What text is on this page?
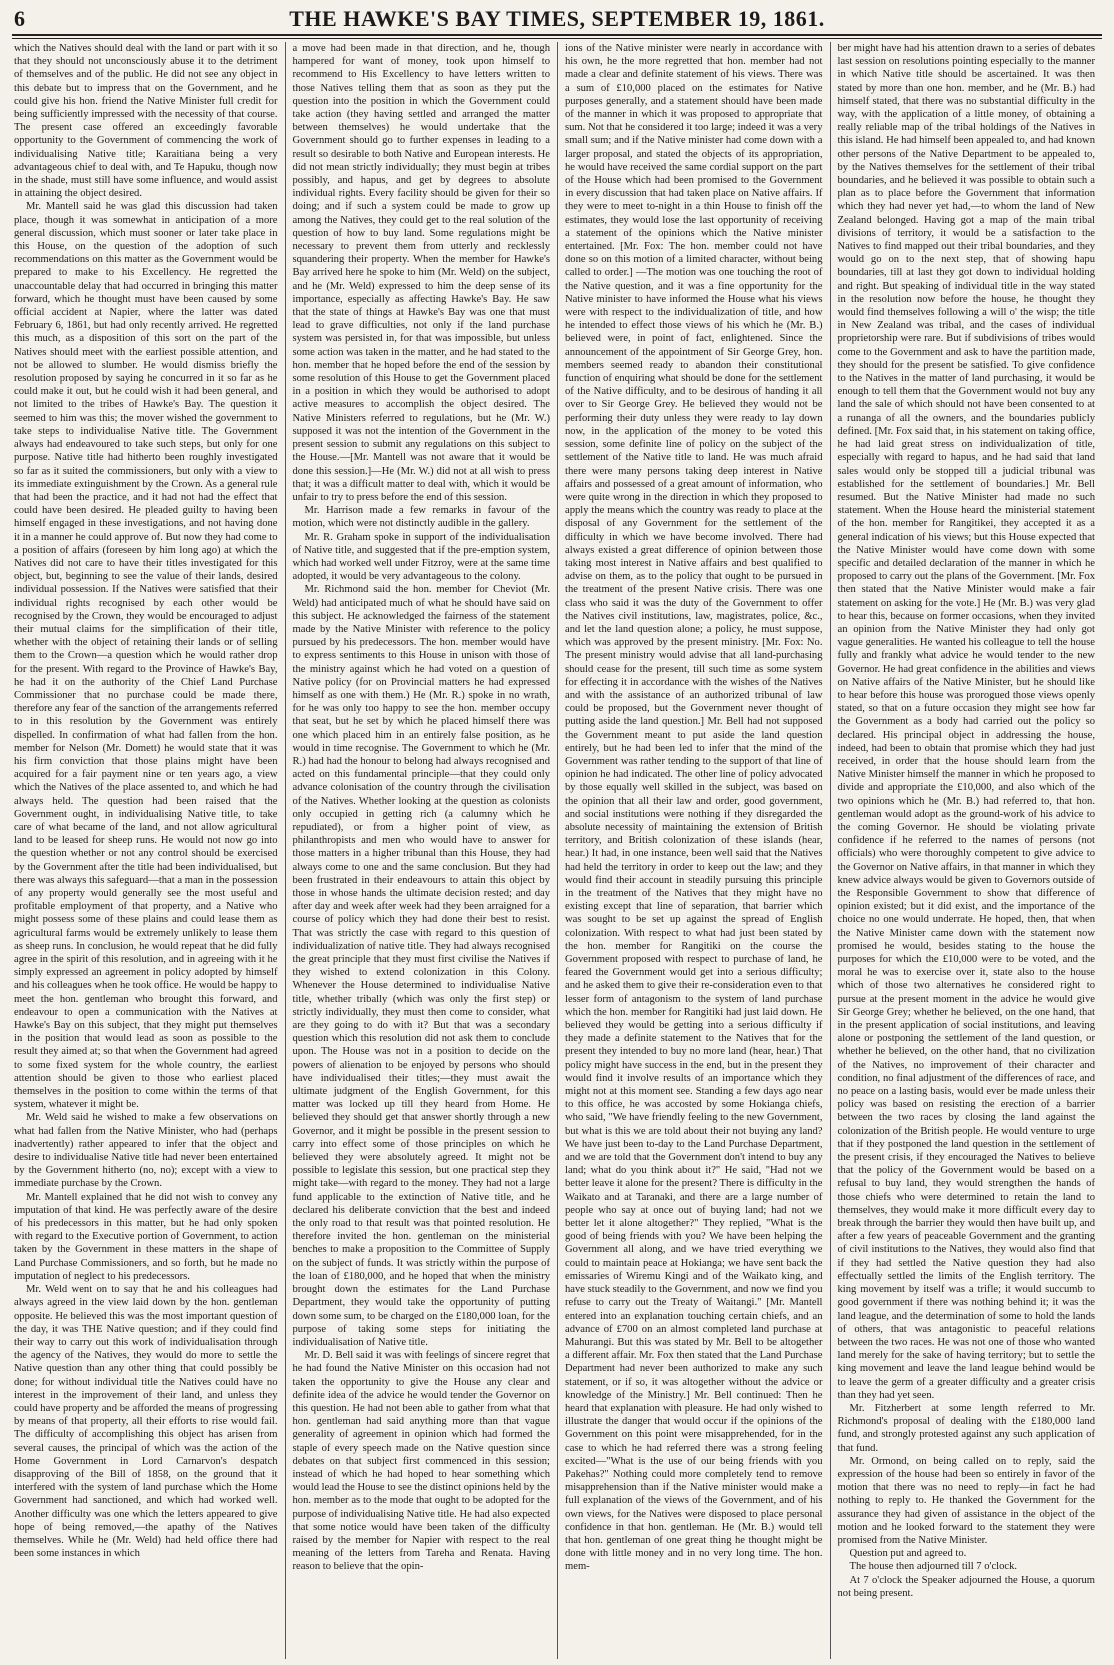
6	THE HAWKE'S BAY TIMES, SEPTEMBER 19, 1861.

which the Natives should deal with the land or part with it so that they should not unconsciously abuse it to the detriment of themselves and of the public. He did not see any object in this debate but to impress that on the Government, and he could give his hon. friend the Native Minister full credit for being sufficiently impressed with the necessity of that course. The present case offered an exceedingly favorable opportunity to the Government of commencing the work of individualising Native title; Karaitiana being a very advantageous chief to deal with, and Te Hapuku, though now in the shade, must still have some influence, and would assist in attaining the object desired.

Mr. Mantell said he was glad this discussion had taken place, though it was somewhat in anticipation of a more general discussion, which must sooner or later take place in this House, on the question of the adoption of such recommendations on this matter as the Government would be prepared to make to his Excellency. He regretted the unaccountable delay that had occurred in bringing this matter forward, which he thought must have been caused by some official accident at Napier, where the latter was dated February 6, 1861, but had only recently arrived. He regretted this much, as a disposition of this sort on the part of the Natives should meet with the earliest possible attention, and not be allowed to slumber. He would dismiss briefly the resolution proposed by saying he concurred in it so far as he could make it out, but he could wish it had been general, and not limited to the tribes of Hawke's Bay. The question it seemed to him was this; the mover wished the government to take steps to individualise Native title. The Government always had endeavoured to take such steps, but only for one purpose. Native title had hitherto been roughly investigated so far as it suited the commissioners, but only with a view to its immediate extinguishment by the Crown. As a general rule that had been the practice, and it had not had the effect that could have been desired. He pleaded guilty to having been himself engaged in these investigations, and not having done it in a manner he could approve of. But now they had come to a position of affairs (foreseen by him long ago) at which the Natives did not care to have their titles investigated for this object, but, beginning to see the value of their lands, desired individual possession. If the Natives were satisfied that their individual rights recognised by each other would be recognised by the Crown, they would be encouraged to adjust their mutual claims for the simplification of their title, whether with the object of retaining their lands or of selling them to the Crown—a question which he would rather drop for the present. With regard to the Province of Hawke's Bay, he had it on the authority of the Chief Land Purchase Commissioner that no purchase could be made there, therefore any fear of the sanction of the arrangements referred to in this resolution by the Government was entirely dispelled. In confirmation of what had fallen from the hon. member for Nelson (Mr. Domett) he would state that it was his firm conviction that those plains might have been acquired for a fair payment nine or ten years ago, a view which the Natives of the place assented to, and which he had always held. The question had been raised that the Government ought, in individualising Native title, to take care of what became of the land, and not allow agricultural land to be leased for sheep runs. He would not now go into the question whether or not any control should be exercised by the Government after the title had been individualised, but there was always this safeguard—that a man in the possession of any property would generally see the most useful and profitable employment of that property, and a Native who might possess some of these plains and could lease them as agricultural farms would be extremely unlikely to lease them as sheep runs. In conclusion, he would repeat that he did fully agree in the spirit of this resolution, and in agreeing with it he simply expressed an agreement in policy adopted by himself and his colleagues when he took office. He would be happy to meet the hon. gentleman who brought this forward, and endeavour to open a communication with the Natives at Hawke's Bay on this subject, that they might put themselves in the position that would lead as soon as possible to the result they aimed at; so that when the Government had agreed to some fixed system for the whole country, the earliest attention should be given to those who earliest placed themselves in the position to come within the terms of that system, whatever it might be.

Mr. Weld said he wished to make a few observations on what had fallen from the Native Minister, who had (perhaps inadvertently) rather appeared to infer that the object and desire to individualise Native title had never been entertained by the Government hitherto (no, no); except with a view to immediate purchase by the Crown.

Mr. Mantell explained that he did not wish to convey any imputation of that kind. He was perfectly aware of the desire of his predecessors in this matter, but he had only spoken with regard to the Executive portion of Government, to action taken by the Government in these matters in the shape of Land Purchase Commissioners, and so forth, but he made no imputation of neglect to his predecessors.

Mr. Weld went on to say that he and his colleagues had always agreed in the view laid down by the hon. gentleman opposite. He believed this was the most important question of the day, it was THE Native question; and if they could find their way to carry out this work of individualisation through the agency of the Natives, they would do more to settle the Native question than any other thing that could possibly be done; for without individual title the Natives could have no interest in the improvement of their land, and unless they could have property and be afforded the means of progressing by means of that property, all their efforts to rise would fail. The difficulty of accomplishing this object has arisen from several causes, the principal of which was the action of the Home Government in Lord Carnarvon's despatch disapproving of the Bill of 1858, on the ground that it interfered with the system of land purchase which the Home Government had sanctioned, and which had worked well. Another difficulty was one which the letters appeared to give hope of being removed,—the apathy of the Natives themselves. While he (Mr. Weld) had held office there had been some instances in which

a move had been made in that direction, and he, though hampered for want of money, took upon himself to recommend to His Excellency to have letters written to those Natives telling them that as soon as they put the question into the position in which the Government could take action (they having settled and arranged the matter between themselves) he would undertake that the Government should go to further expenses in leading to a result so desirable to both Native and European interests. He did not mean strictly individually; they must begin at tribes possibly, and hapus, and get by degrees to absolute individual rights. Every facility should be given for their so doing; and if such a system could be made to grow up among the Natives, they could get to the real solution of the question of how to buy land. Some regulations might be necessary to prevent them from utterly and recklessly squandering their property. When the member for Hawke's Bay arrived here he spoke to him (Mr. Weld) on the subject, and he (Mr. Weld) expressed to him the deep sense of its importance, especially as affecting Hawke's Bay. He saw that the state of things at Hawke's Bay was one that must lead to grave difficulties, not only if the land purchase system was persisted in, for that was impossible, but unless some action was taken in the matter, and he had stated to the hon. member that he hoped before the end of the session by some resolution of this House to get the Government placed in a position in which they would be authorised to adopt active measures to accomplish the object desired. The Native Ministers referred to regulations, but he (Mr. W.) supposed it was not the intention of the Government in the present session to submit any regulations on this subject to the House.—[Mr. Mantell was not aware that it would be done this session.]—He (Mr. W.) did not at all wish to press that; it was a difficult matter to deal with, which it would be unfair to try to press before the end of this session.

Mr. Harrison made a few remarks in favour of the motion, which were not distinctly audible in the gallery.

Mr. R. Graham spoke in support of the individualisation of Native title, and suggested that if the pre-emption system, which had worked well under Fitzroy, were at the same time adopted, it would be very advantageous to the colony.

Mr. Richmond said the hon. member for Cheviot (Mr. Weld) had anticipated much of what he should have said on this subject. He acknowledged the fairness of the statement made by the Native Minister with reference to the policy pursued by his predecessors. The hon. member would have to express sentiments to this House in unison with those of the ministry against which he had voted on a question of Native policy (for on Provincial matters he had expressed himself as one with them.) He (Mr. R.) spoke in no wrath, for he was only too happy to see the hon. member occupy that seat, but he set by which he placed himself there was one which placed him in an entirely false position, as he would in time recognise. The Government to which he (Mr. R.) had had the honour to belong had always recognised and acted on this fundamental principle—that they could only advance colonisation of the country through the civilisation of the Natives. Whether looking at the question as colonists only occupied in getting rich (a calumny which he repudiated), or from a higher point of view, as philanthropists and men who would have to answer for those matters in a higher tribunal than this House, they had always come to one and the same conclusion. But they had been frustrated in their endeavours to attain this object by those in whose hands the ultimate decision rested; and day after day and week after week had they been arraigned for a course of policy which they had done their best to resist. That was strictly the case with regard to this question of individualization of native title. They had always recognised the great principle that they must first civilise the Natives if they wished to extend colonization in this Colony. Whenever the House determined to individualise Native title, whether tribally (which was only the first step) or strictly individually, they must then come to consider, what are they going to do with it? But that was a secondary question which this resolution did not ask them to conclude upon. The House was not in a position to decide on the powers of alienation to be enjoyed by persons who should have individualised their titles;—they must await the ultimate judgment of the English Government, for this matter was locked up till they heard from Home. He believed they should get that answer shortly through a new Governor, and it might be possible in the present session to carry into effect some of those principles on which he believed they were absolutely agreed. It might not be possible to legislate this session, but one practical step they might take—with regard to the money. They had not a large fund applicable to the extinction of Native title, and he declared his deliberate conviction that the best and indeed the only road to that result was that pointed resolution. He therefore invited the hon. gentleman on the ministerial benches to make a proposition to the Committee of Supply on the subject of funds. It was strictly within the purpose of the loan of £180,000, and he hoped that when the ministry brought down the estimates for the Land Purchase Department, they would take the opportunity of putting down some sum, to be charged on the £180,000 loan, for the purpose of taking some steps for initiating the individualisation of Native title.

Mr. D. Bell said it was with feelings of sincere regret that he had found the Native Minister on this occasion had not taken the opportunity to give the House any clear and definite idea of the advice he would tender the Governor on this question. He had not been able to gather from what that hon. gentleman had said anything more than that vague generality of agreement in opinion which had formed the staple of every speech made on the Native question since debates on that subject first commenced in this session; instead of which he had hoped to hear something which would lead the House to see the distinct opinions held by the hon. member as to the mode that ought to be adopted for the purpose of individualising Native title. He had also expected that some notice would have been taken of the difficulty raised by the member for Napier with respect to the real meaning of the letters from Tareha and Renata. Having reason to believe that the opin-

ions of the Native minister were nearly in accordance with his own, he the more regretted that hon. member had not made a clear and definite statement of his views. There was a sum of £10,000 placed on the estimates for Native purposes generally, and a statement should have been made of the manner in which it was proposed to appropriate that sum. Not that he considered it too large; indeed it was a very small sum; and if the Native minister had come down with a larger proposal, and stated the objects of its appropriation, he would have received the same cordial support on the part of the House which had been promised to the Government in every discussion that had taken place on Native affairs. If they were to meet to-night in a thin House to finish off the estimates, they would lose the last opportunity of receiving a statement of the opinions which the Native minister entertained. [Mr. Fox: The hon. member could not have done so on this motion of a limited character, without being called to order.] —The motion was one touching the root of the Native question, and it was a fine opportunity for the Native minister to have informed the House what his views were with respect to the individualization of title, and how he intended to effect those views of his which he (Mr. B.) believed were, in point of fact, enlightened. Since the announcement of the appointment of Sir George Grey, hon. members seemed ready to abandon their constitutional function of enquiring what should be done for the settlement of the Native difficulty, and to be desirous of handing it all over to Sir George Grey. He believed they would not be performing their duty unless they were ready to lay down now, in the application of the money to be voted this session, some definite line of policy on the subject of the settlement of the Native title to land. He was much afraid there were many persons taking deep interest in Native affairs and possessed of a great amount of information, who were quite wrong in the direction in which they proposed to apply the means which the country was ready to place at the disposal of any Government for the settlement of the difficulty in which we have become involved. There had always existed a great difference of opinion between those taking most interest in Native affairs and best qualified to advise on them, as to the policy that ought to be pursued in the treatment of the present Native crisis. There was one class who said it was the duty of the Government to offer the Natives civil institutions, law, magistrates, police, &c., and let the land question alone; a policy, he must suppose, which was approved by the present ministry. [Mr. Fox: No. The present ministry would advise that all land-purchasing should cease for the present, till such time as some system for effecting it in accordance with the wishes of the Natives and with the assistance of an authorized tribunal of law could be proposed, but the Government never thought of putting aside the land question.] Mr. Bell had not supposed the Government meant to put aside the land question entirely, but he had been led to infer that the mind of the Government was rather tending to the support of that line of opinion he had indicated. The other line of policy advocated by those equally well skilled in the subject, was based on the opinion that all their law and order, good government, and social institutions were nothing if they disregarded the absolute necessity of maintaining the extension of British territory, and British colonization of these islands (hear, hear.) It had, in one instance, been well said that the Natives had held the territory in order to keep out the law; and they would find their account in steadily pursuing this principle in the treatment of the Natives that they might have no existing except that line of separation, that barrier which was sought to be set up against the spread of English colonization. With respect to what had just been stated by the hon. member for Rangitiki on the course the Government proposed with respect to purchase of land, he feared the Government would get into a serious difficulty; and he asked them to give their re-consideration even to that lesser form of antagonism to the system of land purchase which the hon. member for Rangitiki had just laid down. He believed they would be getting into a serious difficulty if they made a definite statement to the Natives that for the present they intended to buy no more land (hear, hear.) That policy might have success in the end, but in the present they would find it involve results of an importance which they might not at this moment see. Standing a few days ago near to this office, he was accosted by some Hokianga chiefs, who said, "We have friendly feeling to the new Government, but what is this we are told about their not buying any land? We have just been to-day to the Land Purchase Department, and we are told that the Government don't intend to buy any land; what do you think about it?" He said, "Had not we better leave it alone for the present? There is difficulty in the Waikato and at Taranaki, and there are a large number of people who say at once out of buying land; had not we better let it alone altogether?" They replied, "What is the good of being friends with you? We have been helping the Government all along, and we have tried everything we could to maintain peace at Hokianga; we have sent back the emissaries of Wiremu Kingi and of the Waikato king, and have stuck steadily to the Government, and now we find you refuse to carry out the Treaty of Waitangi." [Mr. Mantell entered into an explanation touching certain chiefs, and an advance of £700 on an almost completed land purchase at Mahurangi. But this was stated by Mr. Bell to be altogether a different affair. Mr. Fox then stated that the Land Purchase Department had never been authorized to make any such statement, or if so, it was altogether without the advice or knowledge of the Ministry.] Mr. Bell continued: Then he heard that explanation with pleasure. He had only wished to illustrate the danger that would occur if the opinions of the Government on this point were misapprehended, for in the case to which he had referred there was a strong feeling excited—"What is the use of our being friends with you Pakehas?" Nothing could more completely tend to remove misapprehension than if the Native minister would make a full explanation of the views of the Government, and of his own views, for the Natives were disposed to place personal confidence in that hon. gentleman. He (Mr. B.) would tell that hon. gentleman of one great thing he thought might be done with little money and in no very long time. The hon. mem-

ber might have had his attention drawn to a series of debates last session on resolutions pointing especially to the manner in which Native title should be ascertained. It was then stated by more than one hon. member, and he (Mr. B.) had himself stated, that there was no substantial difficulty in the way, with the application of a little money, of obtaining a really reliable map of the tribal holdings of the Natives in this island. He had himself been appealed to, and had known other persons of the Native Department to be appealed to, by the Natives themselves for the settlement of their tribal boundaries, and he believed it was possible to obtain such a plan as to place before the Government that information which they had never yet had,—to whom the land of New Zealand belonged. Having got a map of the main tribal divisions of territory, it would be a satisfaction to the Natives to find mapped out their tribal boundaries, and they would go on to the next step, that of showing hapu boundaries, till at last they got down to individual holding and right. But speaking of individual title in the way stated in the resolution now before the house, he thought they would find themselves following a will o' the wisp; the title in New Zealand was tribal, and the cases of individual proprietorship were rare. But if subdivisions of tribes would come to the Government and ask to have the partition made, they should for the present be satisfied. To give confidence to the Natives in the matter of land purchasing, it would be enough to tell them that the Government would not buy any land the sale of which should not have been consented to at a runanga of all the owners, and the boundaries publicly defined. [Mr. Fox said that, in his statement on taking office, he had laid great stress on individualization of title, especially with regard to hapus, and he had said that land sales would only be stopped till a judicial tribunal was established for the settlement of boundaries.] Mr. Bell resumed. But the Native Minister had made no such statement. When the House heard the ministerial statement of the hon. member for Rangitikei, they accepted it as a general indication of his views; but this House expected that the Native Minister would have come down with some specific and detailed declaration of the manner in which he proposed to carry out the plans of the Government. [Mr. Fox then stated that the Native Minister would make a fair statement on asking for the vote.] He (Mr. B.) was very glad to hear this, because on former occasions, when they invited an opinion from the Native Minister they had only got vague generalities. He wanted his colleague to tell the house fully and frankly what advice he would tender to the new Governor. He had great confidence in the abilities and views on Native affairs of the Native Minister, but he should like to hear before this house was prorogued those views openly stated, so that on a future occasion they might see how far the Government as a body had carried out the policy so declared. His principal object in addressing the house, indeed, had been to obtain that promise which they had just received, in order that the house should learn from the Native Minister himself the manner in which he proposed to divide and appropriate the £10,000, and also which of the two opinions which he (Mr. B.) had referred to, that hon. gentleman would adopt as the ground-work of his advice to the coming Governor. He should be violating private confidence if he referred to the names of persons (not officials) who were thoroughly competent to give advice to the Governor on Native affairs, in that manner in which they knew advice always would be given to Governors outside of the Responsible Government to show that difference of opinion existed; but it did exist, and the importance of the choice no one would underrate. He hoped, then, that when the Native Minister came down with the statement now promised he would, besides stating to the house the purposes for which the £10,000 were to be voted, and the moral he was to exercise over it, state also to the house which of those two alternatives he considered right to pursue at the present moment in the advice he would give Sir George Grey; whether he believed, on the one hand, that in the present application of social institutions, and leaving alone or postponing the settlement of the land question, or whether he believed, on the other hand, that no civilization of the Natives, no improvement of their character and condition, no final adjustment of the differences of race, and no peace on a lasting basis, would ever be made unless their policy was based on resisting the erection of a barrier between the two races by closing the land against the colonization of the British people. He would venture to urge that if they postponed the land question in the settlement of the present crisis, if they encouraged the Natives to believe that the policy of the Government would be based on a refusal to buy land, they would strengthen the hands of those chiefs who were determined to retain the land to themselves, they would make it more difficult every day to break through the barrier they would then have built up, and after a few years of peaceable Government and the granting of civil institutions to the Natives, they would also find that if they had settled the Native question they had also effectually settled the limits of the English territory. The king movement by itself was a trifle; it would succumb to good government if there was nothing behind it; it was the land league, and the determination of some to hold the lands of others, that was antagonistic to peaceful relations between the two races. He was not one of those who wanted land merely for the sake of having territory; but to settle the king movement and leave the land league behind would be to leave the germ of a greater difficulty and a greater crisis than they had yet seen.

Mr. Fitzherbert at some length referred to Mr. Richmond's proposal of dealing with the £180,000 land fund, and strongly protested against any such application of that fund.

Mr. Ormond, on being called on to reply, said the expression of the house had been so entirely in favor of the motion that there was no need to reply—in fact he had nothing to reply to. He thanked the Government for the assurance they had given of assistance in the object of the motion and he looked forward to the statement they were promised from the Native Minister.

Question put and agreed to.

The house then adjourned till 7 o'clock.

At 7 o'clock the Speaker adjourned the House, a quorum not being present.
